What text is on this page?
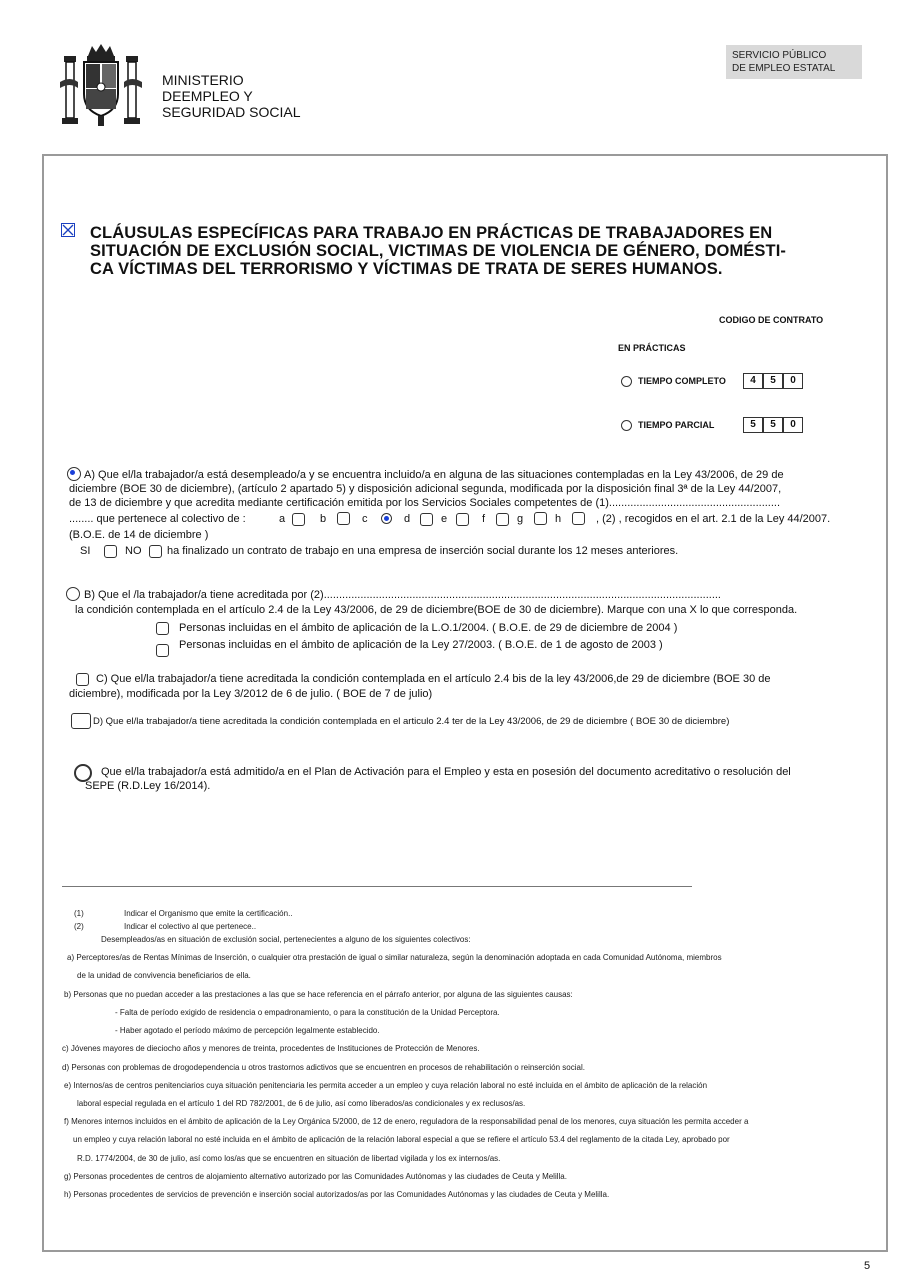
MINISTERIO
DEEMPLEO Y
SEGURIDAD SOCIAL
SERVICIO PÚBLICO
DE EMPLEO ESTATAL
CLÁUSULAS ESPECÍFICAS PARA TRABAJO EN PRÁCTICAS DE TRABAJADORES EN
SITUACIÓN DE EXCLUSIÓN SOCIAL, VICTIMAS DE VIOLENCIA DE GÉNERO, DOMÉSTI-
CA VÍCTIMAS DEL TERRORISMO Y VÍCTIMAS DE TRATA DE SERES HUMANOS.
CODIGO DE CONTRATO
EN PRÁCTICAS
TIEMPO COMPLETO	4	5	0
TIEMPO PARCIAL	5	5	0
A) Que el/la trabajador/a está desempleado/a y se encuentra incluido/a en alguna de las situaciones contempladas en la Ley 43/2006, de 29 de
diciembre (BOE 30 de diciembre), (artículo 2 apartado 5) y disposición adicional segunda, modificada por la disposición final 3ª de la Ley 44/2007,
de 13 de diciembre y que acredita mediante certificación emitida por los Servicios Sociales competentes de (1)........................................................
........ que pertenece al colectivo de :	a	b	c	d	e	f	g	h	, (2) , recogidos en el art. 2.1 de la Ley 44/2007.
(B.O.E. de 14 de diciembre )
SI	NO ha finalizado un contrato de trabajo en una empresa de inserción social durante los 12 meses anteriores.
B) Que el /la trabajador/a tiene acreditada por (2)..................................................................................................................................
la condición contemplada en el artículo 2.4 de la Ley 43/2006, de 29 de diciembre(BOE de 30 de diciembre). Marque con una X lo que corresponda.
Personas incluidas en el ámbito de aplicación de la L.O.1/2004. ( B.O.E. de 29 de diciembre de 2004 )
Personas incluidas en el ámbito de aplicación de la Ley 27/2003. ( B.O.E. de 1 de agosto de 2003 )
C) Que el/la trabajador/a tiene acreditada la condición contemplada en el artículo 2.4 bis de la ley 43/2006,de 29 de diciembre (BOE 30 de
diciembre), modificada por la Ley 3/2012 de 6 de julio. ( BOE de 7 de julio)
D) Que el/la trabajador/a tiene acreditada la condición contemplada en el articulo 2.4 ter de la Ley 43/2006, de 29 de diciembre ( BOE 30 de diciembre)
Que el/la trabajador/a está admitido/a en el Plan de Activación para el Empleo y esta en posesión del documento acreditativo o resolución del
SEPE (R.D.Ley 16/2014).
(1)	Indicar el Organismo que emite la certificación..
(2)	Indicar el colectivo al que pertenece..
Desempleados/as en situación de exclusión social, pertenecientes a alguno de los siguientes colectivos:
a) Perceptores/as de Rentas Mínimas de Inserción, o cualquier otra prestación de igual o similar naturaleza, según la denominación adoptada en cada Comunidad Autónoma, miembros
de la unidad de convivencia beneficiarios de ella.
b) Personas que no puedan acceder a las prestaciones a las que se hace referencia en el párrafo anterior, por alguna de las siguientes causas:
- Falta de período exigido de residencia o empadronamiento, o para la constitución de la Unidad Perceptora.
- Haber agotado el período máximo de percepción legalmente establecido.
c) Jóvenes mayores de dieciocho años y menores de treinta, procedentes de Instituciones de Protección de Menores.
d) Personas con problemas de drogodependencia u otros trastornos adictivos que se encuentren en procesos de rehabilitación o reinserción social.
e) Internos/as de centros penitenciarios cuya situación penitenciaria les permita acceder a un empleo y cuya relación laboral no esté incluida en el ámbito de aplicación de la relación
laboral especial regulada en el artículo 1 del RD 782/2001, de 6 de julio, así como liberados/as condicionales y ex reclusos/as.
f) Menores internos incluidos en el ámbito de aplicación de la Ley Orgánica 5/2000, de 12 de enero, reguladora de la responsabilidad penal de los menores, cuya situación les permita acceder a
un empleo y cuya relación laboral no esté incluida en el ámbito de aplicación de la relación laboral especial a que se refiere el artículo 53.4 del reglamento de la citada Ley, aprobado por
R.D. 1774/2004, de 30 de julio, así como los/as que se encuentren en situación de libertad vigilada y los ex internos/as.
g) Personas procedentes de centros de alojamiento alternativo autorizado por las Comunidades Autónomas y las ciudades de Ceuta y Melilla.
h) Personas procedentes de servicios de prevención e inserción social autorizados/as por las Comunidades Autónomas y las ciudades de Ceuta y Melilla.
5
